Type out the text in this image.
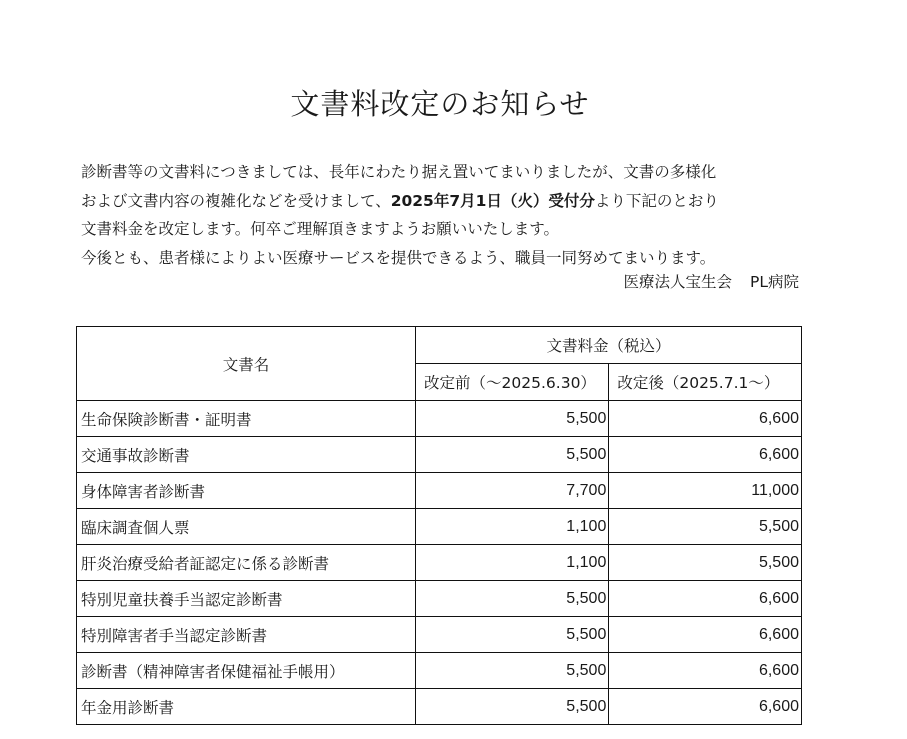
文書料改定のお知らせ
診断書等の文書料につきましては、長年にわたり据え置いてまいりましたが、文書の多様化
および文書内容の複雑化などを受けまして、2025年7月1日（火）受付分より下記のとおり
文書料金を改定します。何卒ご理解頂きますようお願いいたします。
今後とも、患者様によりよい医療サービスを提供できるよう、職員一同努めてまいります。
医療法人宝生会 PL病院
文書名	文書料金（税込）	
	改定前（～2025.6.30）	改定後（2025.7.1～）
生命保険診断書・証明書	5,500	6,600
交通事故診断書	5,500	6,600
身体障害者診断書	7,700	11,000
臨床調査個人票	1,100	5,500
肝炎治療受給者証認定に係る診断書	1,100	5,500
特別児童扶養手当認定診断書	5,500	6,600
特別障害者手当認定診断書	5,500	6,600
診断書（精神障害者保健福祉手帳用）	5,500	6,600
年金用診断書	5,500	6,600
